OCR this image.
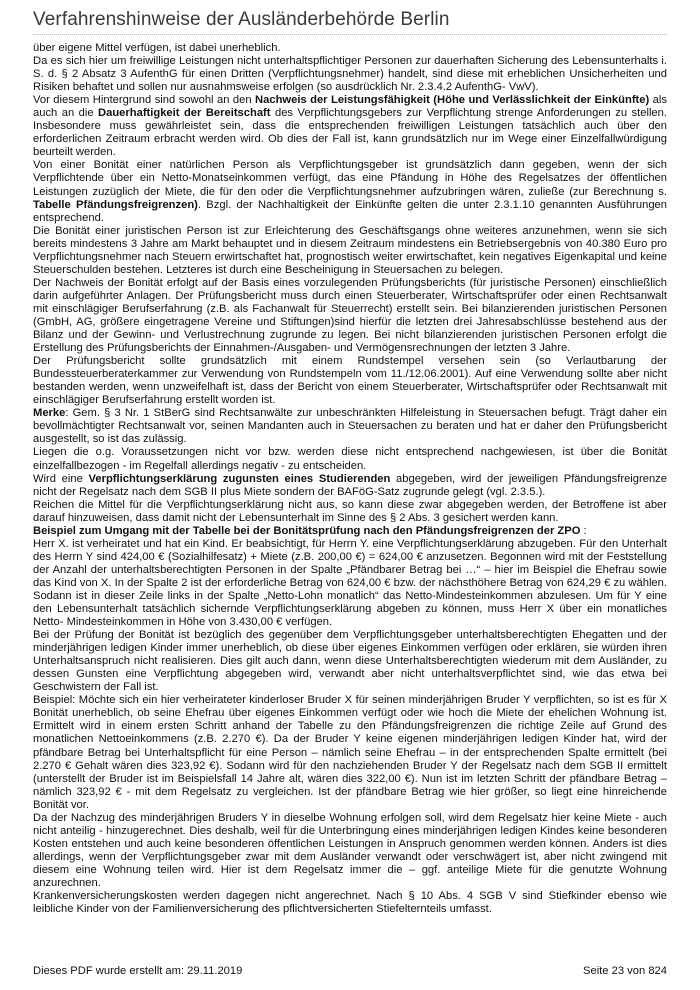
Verfahrenshinweise der Ausländerbehörde Berlin

über eigene Mittel verfügen, ist dabei unerheblich.

Da es sich hier um freiwillige Leistungen nicht unterhaltspflichtiger Personen zur dauerhaften Sicherung des Lebensunterhalts i. S. d. § 2 Absatz 3 AufenthG für einen Dritten (Verpflichtungsnehmer) handelt, sind diese mit erheblichen Unsicherheiten und Risiken behaftet und sollen nur ausnahmsweise erfolgen (so ausdrücklich Nr. 2.3.4.2 AufenthG- VwV).

Vor diesem Hintergrund sind sowohl an den Nachweis der Leistungsfähigkeit (Höhe und Verlässlichkeit der Einkünfte) als auch an die Dauerhaftigkeit der Bereitschaft des Verpflichtungsgebers zur Verpflichtung strenge Anforderungen zu stellen. Insbesondere muss gewährleistet sein, dass die entsprechenden freiwilligen Leistungen tatsächlich auch über den erforderlichen Zeitraum erbracht werden wird. Ob dies der Fall ist, kann grundsätzlich nur im Wege einer Einzelfallwürdigung beurteilt werden.

Von einer Bonität einer natürlichen Person als Verpflichtungsgeber ist grundsätzlich dann gegeben, wenn der sich Verpflichtende über ein Netto-Monatseinkommen verfügt, das eine Pfändung in Höhe des Regelsatzes der öffentlichen Leistungen zuzüglich der Miete, die für den oder die Verpflichtungsnehmer aufzubringen wären, zuließe (zur Berechnung s. Tabelle Pfändungsfreigrenzen). Bzgl. der Nachhaltigkeit der Einkünfte gelten die unter 2.3.1.10 genannten Ausführungen entsprechend.

Die Bonität einer juristischen Person ist zur Erleichterung des Geschäftsgangs ohne weiteres anzunehmen, wenn sie sich bereits mindestens 3 Jahre am Markt behauptet und in diesem Zeitraum mindestens ein Betriebsergebnis von 40.380 Euro pro Verpflichtungsnehmer nach Steuern erwirtschaftet hat, prognostisch weiter erwirtschaftet, kein negatives Eigenkapital und keine Steuerschulden bestehen. Letzteres ist durch eine Bescheinigung in Steuersachen zu belegen.

Der Nachweis der Bonität erfolgt auf der Basis eines vorzulegenden Prüfungsberichts (für juristische Personen) einschließlich darin aufgeführter Anlagen. Der Prüfungsbericht muss durch einen Steuerberater, Wirtschaftsprüfer oder einen Rechtsanwalt mit einschlägiger Berufserfahrung (z.B. als Fachanwalt für Steuerrecht) erstellt sein. Bei bilanzierenden juristischen Personen (GmbH, AG, größere eingetragene Vereine und Stiftungen)sind hierfür die letzten drei Jahresabschlüsse bestehend aus der Bilanz und der Gewinn- und Verlustrechnung zugrunde zu legen. Bei nicht bilanzierenden juristischen Personen erfolgt die Erstellung des Prüfungsberichts der Einnahmen-/Ausgaben- und Vermögensrechnungen der letzten 3 Jahre.

Der Prüfungsbericht sollte grundsätzlich mit einem Rundstempel versehen sein (so Verlautbarung der Bundessteuerberaterkammer zur Verwendung von Rundstempeln vom 11./12.06.2001). Auf eine Verwendung sollte aber nicht bestanden werden, wenn unzweifelhaft ist, dass der Bericht von einem Steuerberater, Wirtschaftsprüfer oder Rechtsanwalt mit einschlägiger Berufserfahrung erstellt worden ist.

Merke: Gem. § 3 Nr. 1 StBerG sind Rechtsanwälte zur unbeschränkten Hilfeleistung in Steuersachen befugt. Trägt daher ein bevollmächtigter Rechtsanwalt vor, seinen Mandanten auch in Steuersachen zu beraten und hat er daher den Prüfungsbericht ausgestellt, so ist das zulässig.

Liegen die o.g. Voraussetzungen nicht vor bzw. werden diese nicht entsprechend nachgewiesen, ist über die Bonität einzelfallbezogen - im Regelfall allerdings negativ - zu entscheiden.

Wird eine Verpflichtungserklärung zugunsten eines Studierenden abgegeben, wird der jeweiligen Pfändungsfreigrenze nicht der Regelsatz nach dem SGB II plus Miete sondern der BAFöG-Satz zugrunde gelegt (vgl. 2.3.5.).

Reichen die Mittel für die Verpflichtungserklärung nicht aus, so kann diese zwar abgegeben werden, der Betroffene ist aber darauf hinzuweisen, dass damit nicht der Lebensunterhalt im Sinne des § 2 Abs. 3 gesichert werden kann.

Beispiel zum Umgang mit der Tabelle bei der Bonitätsprüfung nach den Pfändungsfreigrenzen der ZPO :

Herr X. ist verheiratet und hat ein Kind. Er beabsichtigt, für Herrn Y. eine Verpflichtungserklärung abzugeben. Für den Unterhalt des Herrn Y sind 424,00 € (Sozialhilfesatz) + Miete (z.B. 200,00 €) = 624,00 € anzusetzen. Begonnen wird mit der Feststellung der Anzahl der unterhaltsberechtigten Personen in der Spalte „Pfändbarer Betrag bei …“ – hier im Beispiel die Ehefrau sowie das Kind von X. In der Spalte 2 ist der erforderliche Betrag von 624,00 € bzw. der nächsthöhere Betrag von 624,29 € zu wählen. Sodann ist in dieser Zeile links in der Spalte „Netto-Lohn monatlich“ das Netto-Mindesteinkommen abzulesen. Um für Y eine den Lebensunterhalt tatsächlich sichernde Verpflichtungserklärung abgeben zu können, muss Herr X über ein monatliches Netto- Mindesteinkommen in Höhe von 3.430,00 € verfügen.

Bei der Prüfung der Bonität ist bezüglich des gegenüber dem Verpflichtungsgeber unterhaltsberechtigten Ehegatten und der minderjährigen ledigen Kinder immer unerheblich, ob diese über eigenes Einkommen verfügen oder erklären, sie würden ihren Unterhaltsanspruch nicht realisieren. Dies gilt auch dann, wenn diese Unterhaltsberechtigten wiederum mit dem Ausländer, zu dessen Gunsten eine Verpflichtung abgegeben wird, verwandt aber nicht unterhaltsverpflichtet sind, wie das etwa bei Geschwistern der Fall ist.

Beispiel: Möchte sich ein hier verheirateter kinderloser Bruder X für seinen minderjährigen Bruder Y verpflichten, so ist es für X Bonität unerheblich, ob seine Ehefrau über eigenes Einkommen verfügt oder wie hoch die Miete der ehelichen Wohnung ist. Ermittelt wird in einem ersten Schritt anhand der Tabelle zu den Pfändungsfreigrenzen die richtige Zeile auf Grund des monatlichen Nettoeinkommens (z.B. 2.270 €). Da der Bruder Y keine eigenen minderjährigen ledigen Kinder hat, wird der pfändbare Betrag bei Unterhaltspflicht für eine Person – nämlich seine Ehefrau – in der entsprechenden Spalte ermittelt (bei 2.270 € Gehalt wären dies 323,92 €). Sodann wird für den nachziehenden Bruder Y der Regelsatz nach dem SGB II ermittelt (unterstellt der Bruder ist im Beispielsfall 14 Jahre alt, wären dies 322,00 €). Nun ist im letzten Schritt der pfändbare Betrag – nämlich 323,92 € - mit dem Regelsatz zu vergleichen. Ist der pfändbare Betrag wie hier größer, so liegt eine hinreichende Bonität vor.

Da der Nachzug des minderjährigen Bruders Y in dieselbe Wohnung erfolgen soll, wird dem Regelsatz hier keine Miete - auch nicht anteilig - hinzugerechnet. Dies deshalb, weil für die Unterbringung eines minderjährigen ledigen Kindes keine besonderen Kosten entstehen und auch keine besonderen öffentlichen Leistungen in Anspruch genommen werden können. Anders ist dies allerdings, wenn der Verpflichtungsgeber zwar mit dem Ausländer verwandt oder verschwägert ist, aber nicht zwingend mit diesem eine Wohnung teilen wird. Hier ist dem Regelsatz immer die – ggf. anteilige Miete für die genutzte Wohnung anzurechnen.

Krankenversicherungskosten werden dagegen nicht angerechnet. Nach § 10 Abs. 4 SGB V sind Stiefkinder ebenso wie leibliche Kinder von der Familienversicherung des pflichtversicherten Stiefelternteils umfasst.

Dieses PDF wurde erstellt am: 29.11.2019	Seite 23 von 824
